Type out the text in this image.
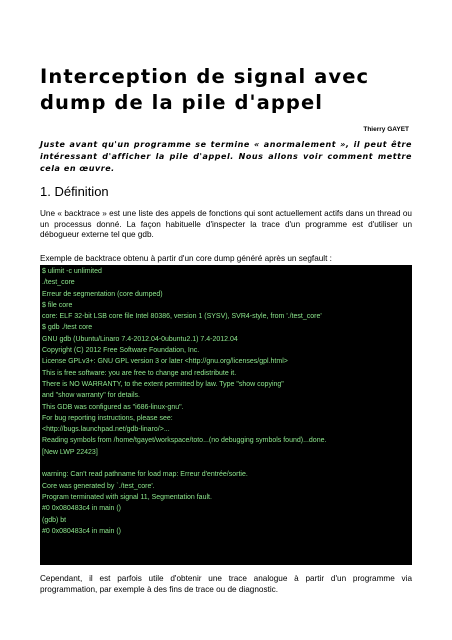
Interception de signal avec
dump de la pile d'appel
Thierry GAYET
Juste avant qu'un programme se termine « anormalement », il peut être intéressant d'afficher la pile d'appel. Nous allons voir comment mettre cela en œuvre.
1. Définition
Une « backtrace » est une liste des appels de fonctions qui sont actuellement actifs dans un thread ou un processus donné. La façon habituelle d'inspecter la trace d'un programme est d'utiliser un débogueur externe tel que gdb.
Exemple de backtrace obtenu à partir d'un core dump généré après un segfault :
$ ulimit -c unlimited
./test_core
Erreur de segmentation (core dumped)
$ file core
core: ELF 32-bit LSB core file Intel 80386, version 1 (SYSV), SVR4-style, from './test_core'
$ gdb ./test core
GNU gdb (Ubuntu/Linaro 7.4-2012.04-0ubuntu2.1) 7.4-2012.04
Copyright (C) 2012 Free Software Foundation, Inc.
License GPLv3+: GNU GPL version 3 or later <http://gnu.org/licenses/gpl.html>
This is free software: you are free to change and redistribute it.
There is NO WARRANTY, to the extent permitted by law. Type "show copying"
and "show warranty" for details.
This GDB was configured as "i686-linux-gnu".
For bug reporting instructions, please see:
<http://bugs.launchpad.net/gdb-linaro/>...
Reading symbols from /home/tgayet/workspace/toto...(no debugging symbols found)...done.
[New LWP 22423]
warning: Can't read pathname for load map: Erreur d'entrée/sortie.
Core was generated by `./test_core'.
Program terminated with signal 11, Segmentation fault.
#0 0x080483c4 in main ()
(gdb) bt
#0 0x080483c4 in main ()
Cependant, il est parfois utile d'obtenir une trace analogue à partir d'un programme via programmation, par exemple à des fins de trace ou de diagnostic.
